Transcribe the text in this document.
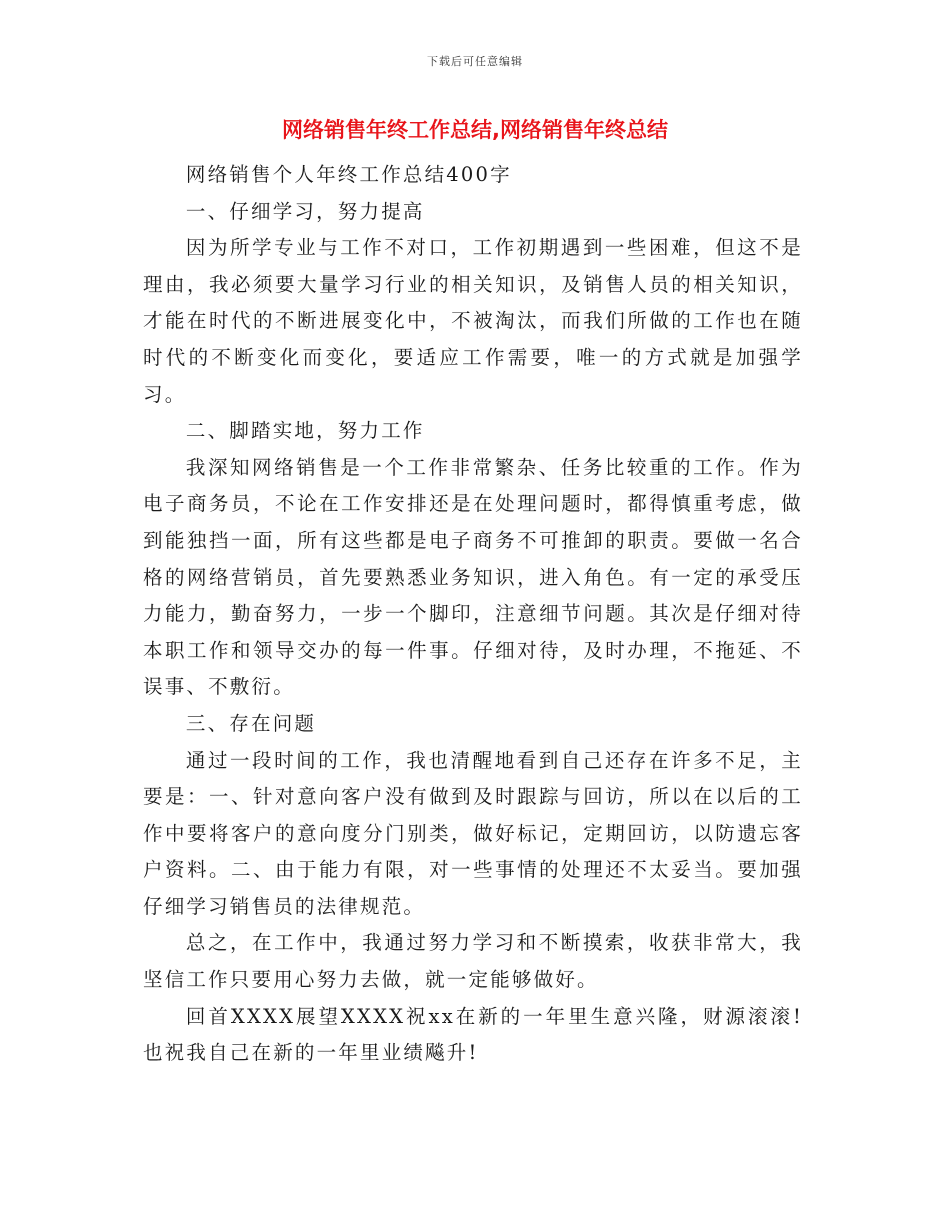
下载后可任意编辑
网络销售年终工作总结,网络销售年终总结

网络销售个人年终工作总结400字

一、仔细学习，努力提高

因为所学专业与工作不对口，工作初期遇到一些困难，但这不是理由，我必须要大量学习行业的相关知识，及销售人员的相关知识，才能在时代的不断进展变化中，不被淘汰，而我们所做的工作也在随时代的不断变化而变化，要适应工作需要，唯一的方式就是加强学习。

二、脚踏实地，努力工作

我深知网络销售是一个工作非常繁杂、任务比较重的工作。作为电子商务员，不论在工作安排还是在处理问题时，都得慎重考虑，做到能独挡一面，所有这些都是电子商务不可推卸的职责。要做一名合格的网络营销员，首先要熟悉业务知识，进入角色。有一定的承受压力能力，勤奋努力，一步一个脚印，注意细节问题。其次是仔细对待本职工作和领导交办的每一件事。仔细对待，及时办理，不拖延、不误事、不敷衍。

三、存在问题

通过一段时间的工作，我也清醒地看到自己还存在许多不足，主要是：一、针对意向客户没有做到及时跟踪与回访，所以在以后的工作中要将客户的意向度分门别类，做好标记，定期回访，以防遗忘客户资料。二、由于能力有限，对一些事情的处理还不太妥当。要加强仔细学习销售员的法律规范。

总之，在工作中，我通过努力学习和不断摸索，收获非常大，我坚信工作只要用心努力去做，就一定能够做好。

回首XXXX展望XXXX祝xx在新的一年里生意兴隆，财源滚滚!也祝我自己在新的一年里业绩飚升!
